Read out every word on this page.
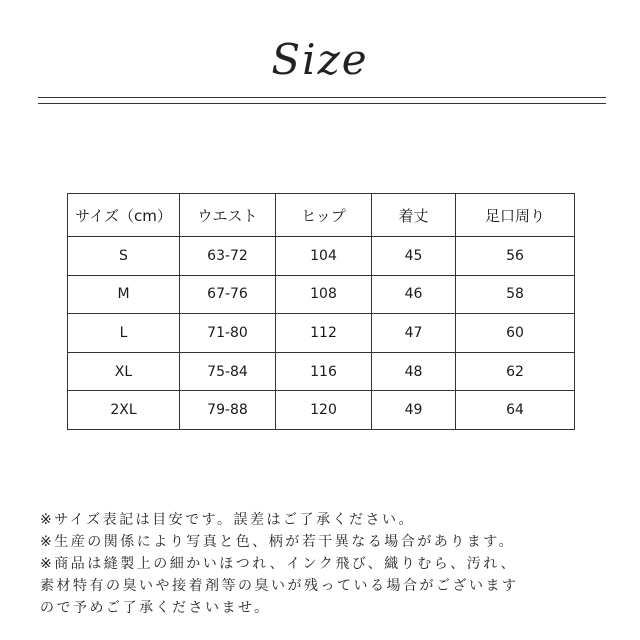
Size
サイズ（cm）	ウエスト	ヒップ	着丈	足口周り
S	63-72	104	45	56
M	67-76	108	46	58
L	71-80	112	47	60
XL	75-84	116	48	62
2XL	79-88	120	49	64
※サイズ表記は目安です。誤差はご了承ください。
※生産の関係により写真と色、柄が若干異なる場合があります。
※商品は縫製上の細かいほつれ、インク飛び、織りむら、汚れ、
素材特有の臭いや接着剤等の臭いが残っている場合がございます
ので予めご了承くださいませ。
